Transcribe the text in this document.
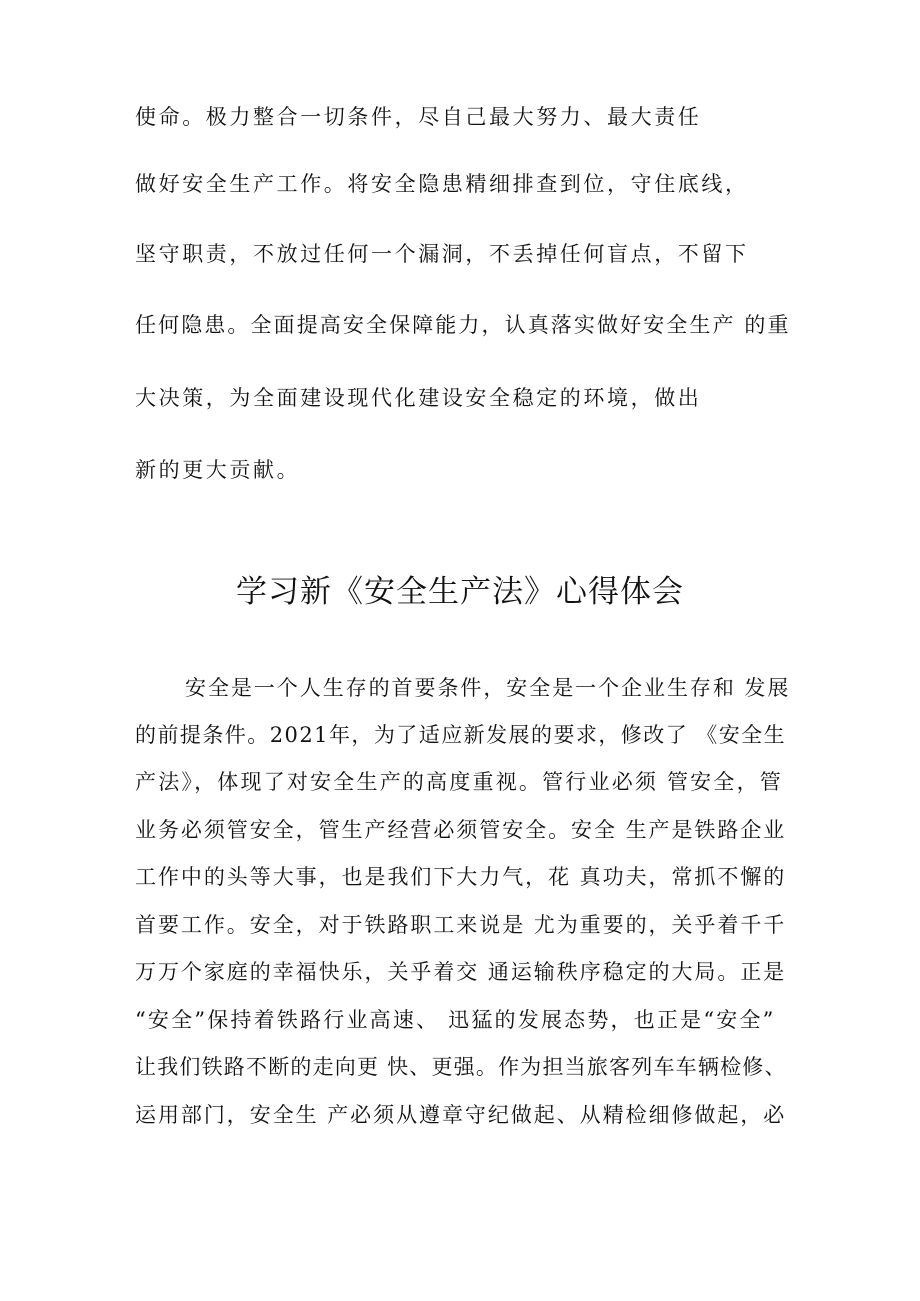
使命。极力整合一切条件，尽自己最大努力、最大责任
做好安全生产工作。将安全隐患精细排查到位，守住底线，
坚守职责，不放过任何一个漏洞，不丢掉任何盲点，不留下
任何隐患。全面提高安全保障能力，认真落实做好安全生产 的重
大决策，为全面建设现代化建设安全稳定的环境，做出
新的更大贡献。
学习新《安全生产法》心得体会
安全是一个人生存的首要条件，安全是一个企业生存和 发展
的前提条件。2021年，为了适应新发展的要求，修改了 《安全生
产法》，体现了对安全生产的高度重视。管行业必须 管安全，管
业务必须管安全，管生产经营必须管安全。安全 生产是铁路企业
工作中的头等大事，也是我们下大力气，花 真功夫，常抓不懈的
首要工作。安全，对于铁路职工来说是 尤为重要的，关乎着千千
万万个家庭的幸福快乐，关乎着交 通运输秩序稳定的大局。正是
“安全”保持着铁路行业高速、 迅猛的发展态势，也正是“安全”
让我们铁路不断的走向更 快、更强。作为担当旅客列车车辆检修、
运用部门，安全生 产必须从遵章守纪做起、从精检细修做起，必
